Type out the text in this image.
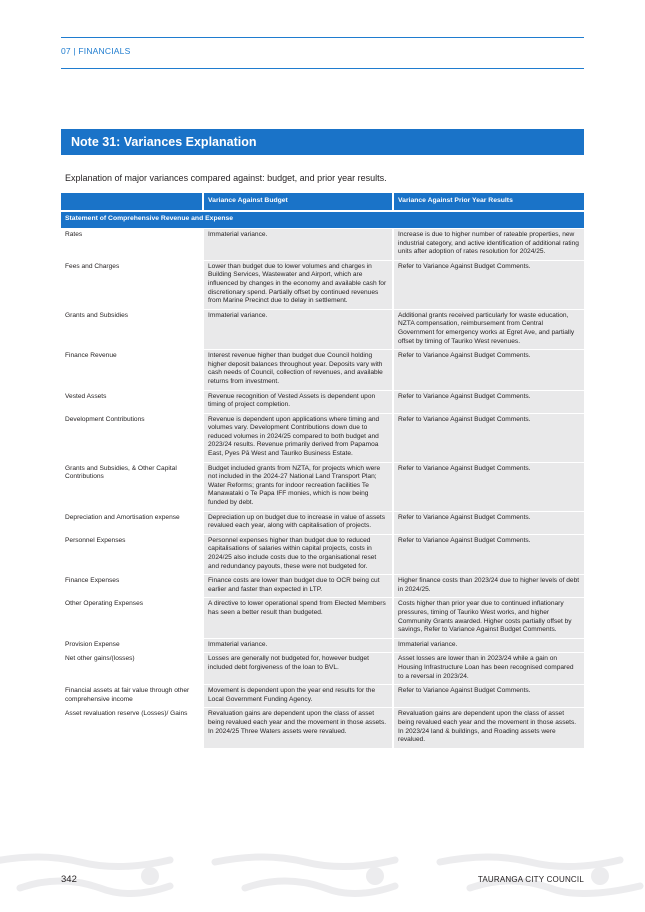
07 | FINANCIALS
Note 31: Variances Explanation
Explanation of major variances compared against: budget, and prior year results.
	Variance Against Budget	Variance Against Prior Year Results
Statement of Comprehensive Revenue and Expense		
Rates	Immaterial variance.	Increase is due to higher number of rateable properties, new industrial category, and active identification of additional rating units after adoption of rates resolution for 2024/25.
Fees and Charges	Lower than budget due to lower volumes and charges in Building Services, Wastewater and Airport, which are influenced by changes in the economy and available cash for discretionary spend. Partially offset by continued revenues from Marine Precinct due to delay in settlement.	Refer to Variance Against Budget Comments.
Grants and Subsidies	Immaterial variance.	Additional grants received particularly for waste education, NZTA compensation, reimbursement from Central Government for emergency works at Egret Ave, and partially offset by timing of Tauriko West revenues.
Finance Revenue	Interest revenue higher than budget due Council holding higher deposit balances throughout year. Deposits vary with cash needs of Council, collection of revenues, and available returns from investment.	Refer to Variance Against Budget Comments.
Vested Assets	Revenue recognition of Vested Assets is dependent upon timing of project completion.	Refer to Variance Against Budget Comments.
Development Contributions	Revenue is dependent upon applications where timing and volumes vary. Development Contributions down due to reduced volumes in 2024/25 compared to both budget and 2023/24 results. Revenue primarily derived from Papamoa East, Pyes Pā West and Tauriko Business Estate.	Refer to Variance Against Budget Comments.
Grants and Subsidies, & Other Capital Contributions	Budget included grants from NZTA, for projects which were not included in the 2024-27 National Land Transport Plan; Water Reforms; grants for indoor recreation facilities Te Manawataki o Te Papa IFF monies, which is now being funded by debt.	Refer to Variance Against Budget Comments.
Depreciation and Amortisation expense	Depreciation up on budget due to increase in value of assets revalued each year, along with capitalisation of projects.	Refer to Variance Against Budget Comments.
Personnel Expenses	Personnel expenses higher than budget due to reduced capitalisations of salaries within capital projects, costs in 2024/25 also include costs due to the organisational reset and redundancy payouts, these were not budgeted for.	Refer to Variance Against Budget Comments.
Finance Expenses	Finance costs are lower than budget due to OCR being cut earlier and faster than expected in LTP.	Higher finance costs than 2023/24 due to higher levels of debt in 2024/25.
Other Operating Expenses	A directive to lower operational spend from Elected Members has seen a better result than budgeted.	Costs higher than prior year due to continued inflationary pressures, timing of Tauriko West works, and higher Community Grants awarded. Higher costs partially offset by savings, Refer to Variance Against Budget Comments.
Provision Expense	Immaterial variance.	Immaterial variance.
Net other gains/(losses)	Losses are generally not budgeted for, however budget included debt forgiveness of the loan to BVL.	Asset losses are lower than in 2023/24 while a gain on Housing Infrastructure Loan has been recognised compared to a reversal in 2023/24.
Financial assets at fair value through other comprehensive income	Movement is dependent upon the year end results for the Local Government Funding Agency.	Refer to Variance Against Budget Comments.
Asset revaluation reserve (Losses)/ Gains	Revaluation gains are dependent upon the class of asset being revalued each year and the movement in those assets. In 2024/25 Three Waters assets were revalued.	Revaluation gains are dependent upon the class of asset being revalued each year and the movement in those assets. In 2023/24 land & buildings, and Roading assets were revalued.
342	TAURANGA CITY COUNCIL
